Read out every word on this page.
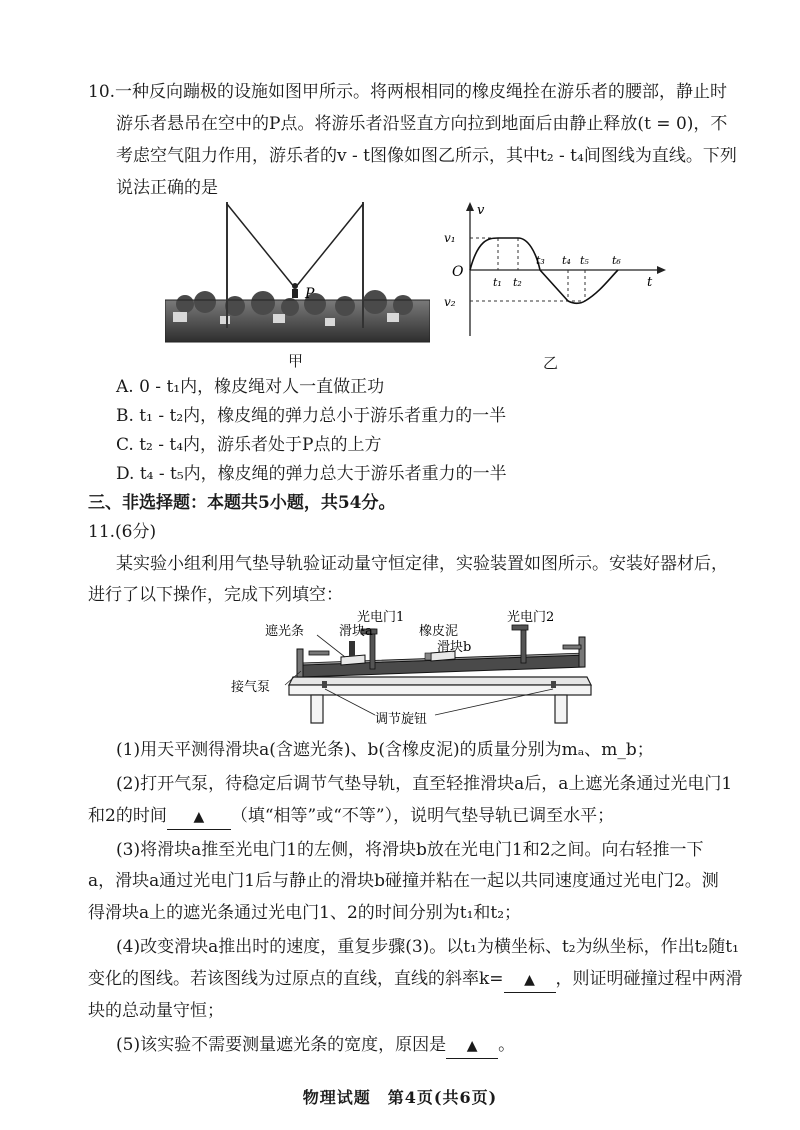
10.一种反向蹦极的设施如图甲所示。将两根相同的橡皮绳拴在游乐者的腰部，静止时
游乐者悬吊在空中的P点。将游乐者沿竖直方向拉到地面后由静止释放(t = 0)，不
考虑空气阻力作用，游乐者的v - t图像如图乙所示，其中t₂ - t₄间图线为直线。下列
说法正确的是
P
甲
v
t
O
v₁
v₂
t₁ t₂
t₃ t₄ t₅ t₆
乙
A. 0 - t₁内，橡皮绳对人一直做正功
B. t₁ - t₂内，橡皮绳的弹力总小于游乐者重力的一半
C. t₂ - t₄内，游乐者处于P点的上方
D. t₄ - t₅内，橡皮绳的弹力总大于游乐者重力的一半
三、非选择题：本题共5小题，共54分。
11.(6分)
某实验小组利用气垫导轨验证动量守恒定律，实验装置如图所示。安装好器材后，
进行了以下操作，完成下列填空：
遮光条	滑块a
光电门1
橡皮泥
滑块b
光电门2
接气泵
调节旋钮
(1)用天平测得滑块a(含遮光条)、b(含橡皮泥)的质量分别为mₐ、m_b；
(2)打开气泵，待稳定后调节气垫导轨，直至轻推滑块a后，a上遮光条通过光电门1
和2的时间 ▲ （填“相等”或“不等”），说明气垫导轨已调至水平；
(3)将滑块a推至光电门1的左侧，将滑块b放在光电门1和2之间。向右轻推一下
a，滑块a通过光电门1后与静止的滑块b碰撞并粘在一起以共同速度通过光电门2。测
得滑块a上的遮光条通过光电门1、2的时间分别为t₁和t₂；
(4)改变滑块a推出时的速度，重复步骤(3)。以t₁为横坐标、t₂为纵坐标，作出t₂随t₁
变化的图线。若该图线为过原点的直线，直线的斜率k= ▲ ，则证明碰撞过程中两滑
块的总动量守恒；
(5)该实验不需要测量遮光条的宽度，原因是 ▲ 。
物理试题　第4页(共6页)
